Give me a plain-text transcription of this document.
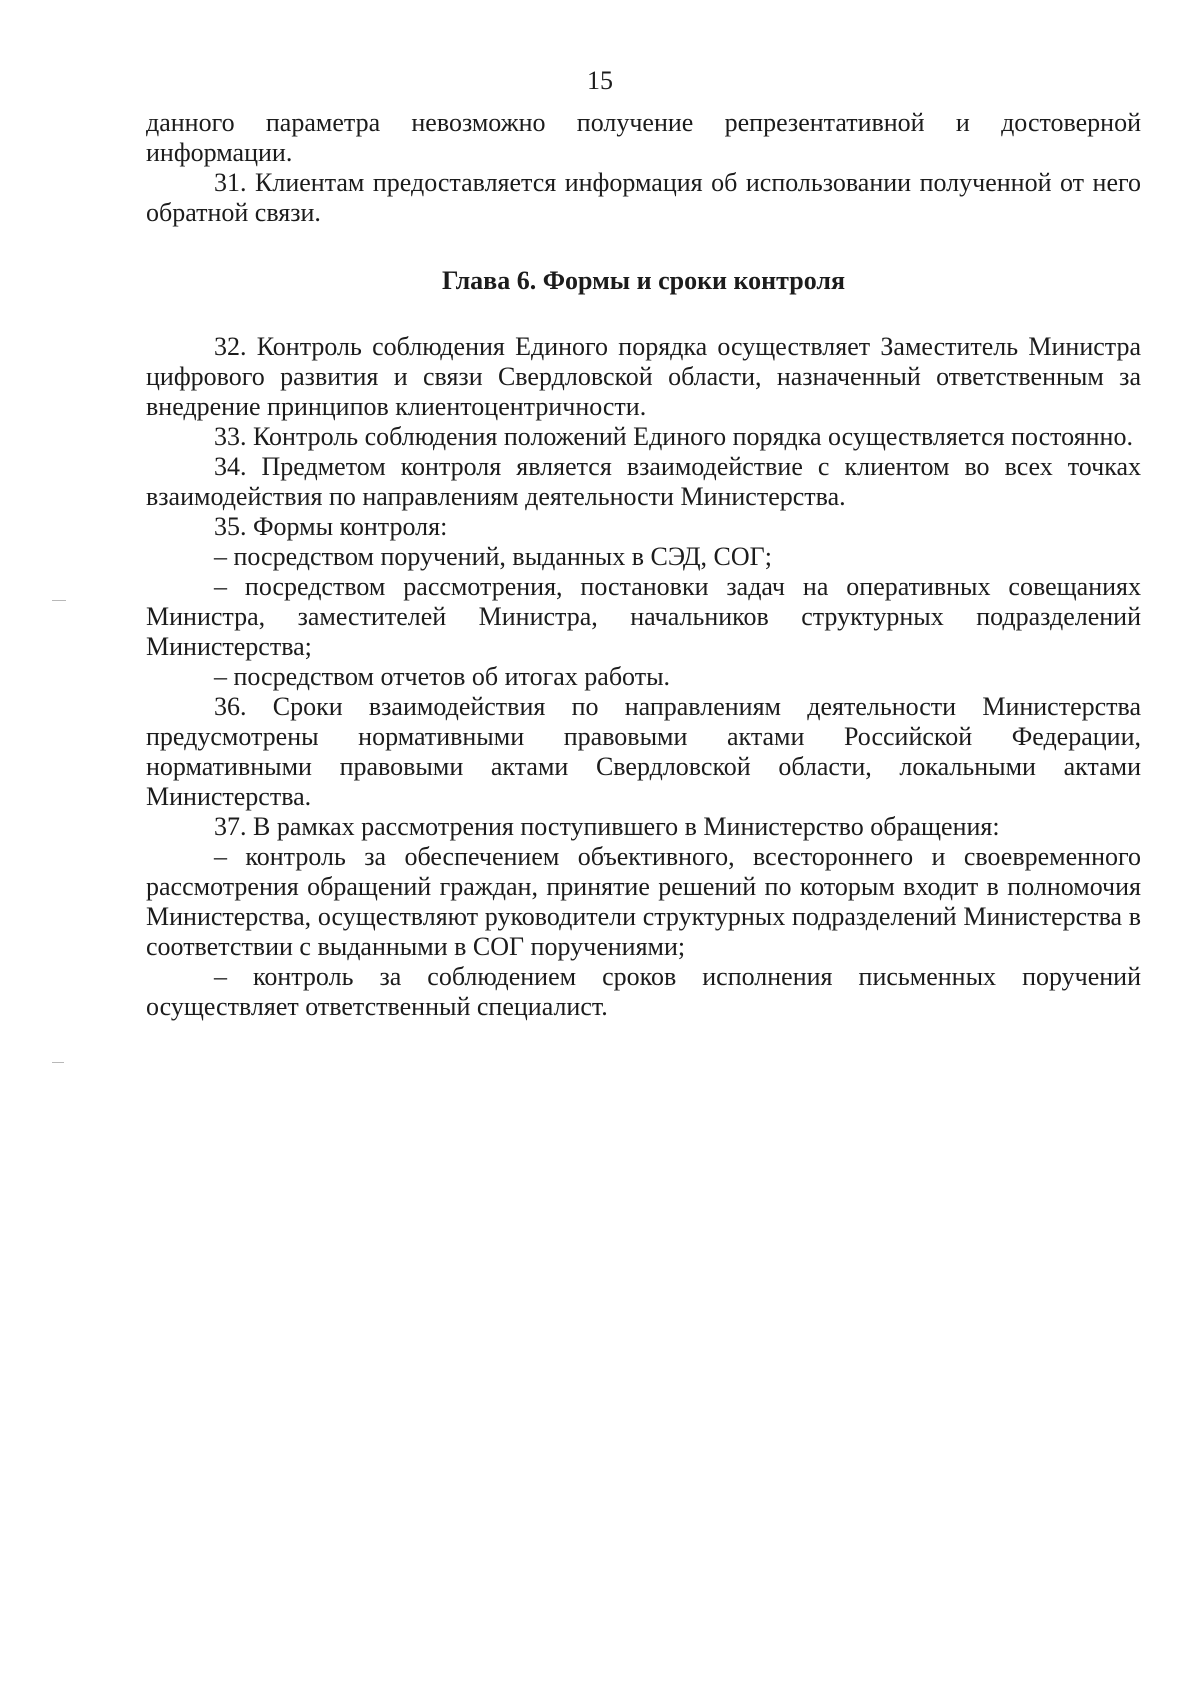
15

данного параметра невозможно получение репрезентативной и достоверной информации.

31. Клиентам предоставляется информация об использовании полученной от него обратной связи.

Глава 6. Формы и сроки контроля

32. Контроль соблюдения Единого порядка осуществляет Заместитель Министра цифрового развития и связи Свердловской области, назначенный ответственным за внедрение принципов клиентоцентричности.

33. Контроль соблюдения положений Единого порядка осуществляется постоянно.

34. Предметом контроля является взаимодействие с клиентом во всех точках взаимодействия по направлениям деятельности Министерства.

35. Формы контроля:

– посредством поручений, выданных в СЭД, СОГ;

– посредством рассмотрения, постановки задач на оперативных совещаниях Министра, заместителей Министра, начальников структурных подразделений Министерства;

– посредством отчетов об итогах работы.

36. Сроки взаимодействия по направлениям деятельности Министерства предусмотрены нормативными правовыми актами Российской Федерации, нормативными правовыми актами Свердловской области, локальными актами Министерства.

37. В рамках рассмотрения поступившего в Министерство обращения:

– контроль за обеспечением объективного, всестороннего и своевременного рассмотрения обращений граждан, принятие решений по которым входит в полномочия Министерства, осуществляют руководители структурных подразделений Министерства в соответствии с выданными в СОГ поручениями;

– контроль за соблюдением сроков исполнения письменных поручений осуществляет ответственный специалист.
